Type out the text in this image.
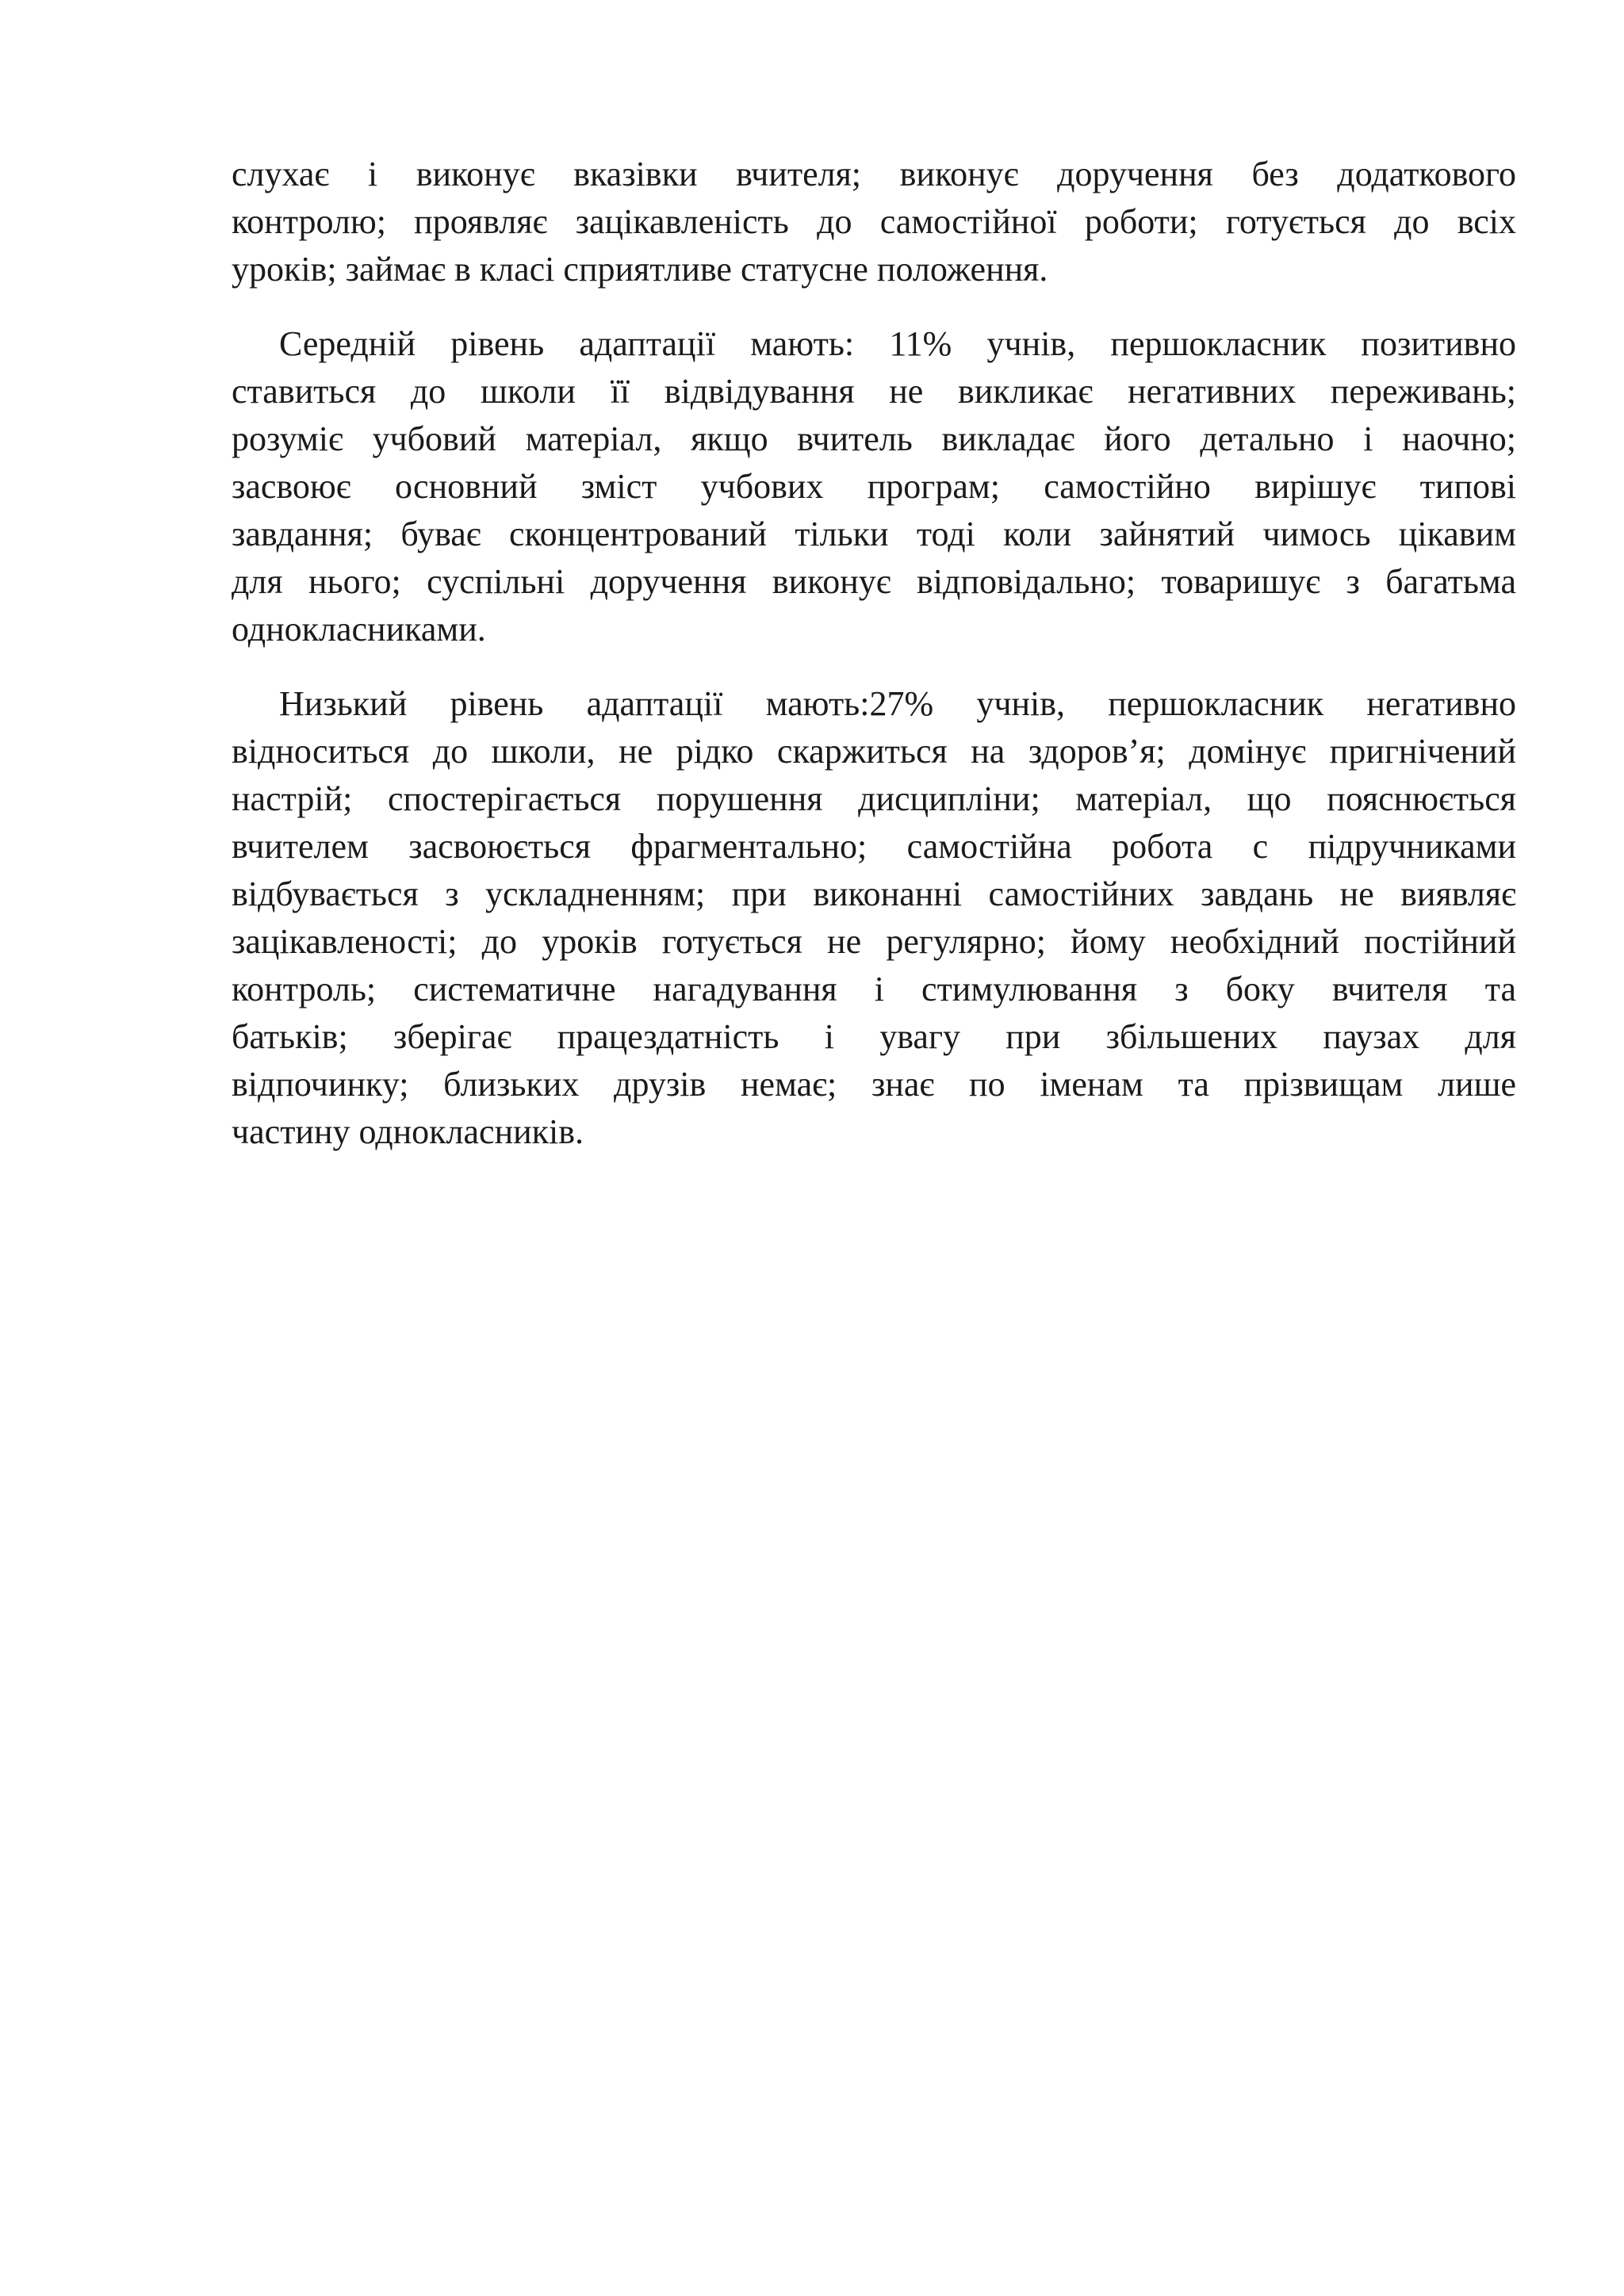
слухає і виконує вказівки вчителя; виконує доручення без додаткового
контролю; проявляє зацікавленість до самостійної роботи; готується до всіх
уроків; займає в класі сприятливе статусне положення.
Середній рівень адаптації мають: 11% учнів, першокласник позитивно
ставиться до школи її відвідування не викликає негативних переживань;
розуміє учбовий матеріал, якщо вчитель викладає його детально і наочно;
засвоює основний зміст учбових програм; самостійно вирішує типові
завдання; буває сконцентрований тільки тоді коли зайнятий чимось цікавим
для нього; суспільні доручення виконує відповідально; товаришує з багатьма
однокласниками.
Низький рівень адаптації мають:27% учнів, першокласник негативно
відноситься до школи, не рідко скаржиться на здоров’я; домінує пригнічений
настрій; спостерігається порушення дисципліни; матеріал, що пояснюється
вчителем засвоюється фрагментально; самостійна робота с підручниками
відбувається з ускладненням; при виконанні самостійних завдань не виявляє
зацікавленості; до уроків готується не регулярно; йому необхідний постійний
контроль; систематичне нагадування і стимулювання з боку вчителя та
батьків; зберігає працездатність і увагу при збільшених паузах для
відпочинку; близьких друзів немає; знає по іменам та прізвищам лише
частину однокласників.
